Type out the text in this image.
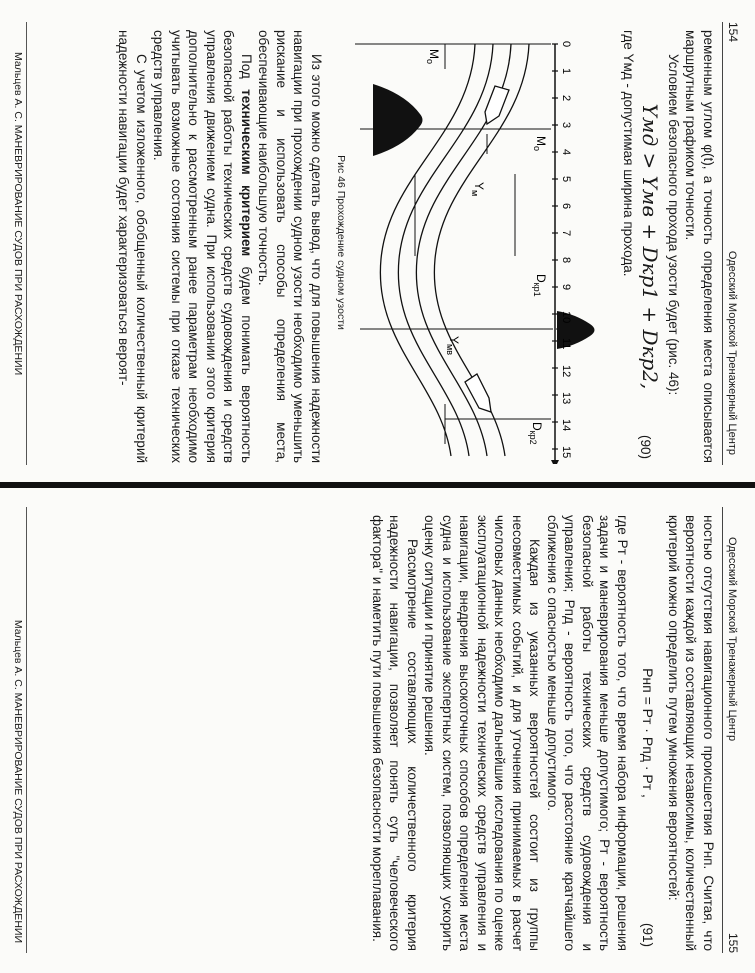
154
Одесский Морской Тренажерный Центр

ременным углом φ(t), а точность определения места описывается маршрутным графиком точности.

Условием безопасного прохода узости будет (рис. 46):

Yмд > Yмв + Dкр1 + Dкр2,
(90)

где Yмд - допустимая ширина прохода.

0
1
2
3
4
5
6
7
8
9
10
11
12
13
14
15
$M_о$
$M_о$
$Y_м$
$Y_{мв}$
$D_{кр1}$
$D_{кр2}$
Рис 46 Прохождение судном узости

Из этого можно сделать вывод, что для повышения надежности навигации при прохождении судном узости необходимо уменьшить рискание и использовать способы определения места, обеспечивающие наибольшую точность.

Под техническим критерием будем понимать вероятность безопасной работы технических средств судовождения и средств управления движением судна. При использовании этого критерия дополнительно к рассмотренным ранее параметрам необходимо учитывать возможные состояния системы при отказе технических средств управления.

С учетом изложенного, обобщенный количественный критерий надежности навигации будет характеризоваться вероят-

Мальцев А. С. МАНЕВРИРОВАНИЕ СУДОВ ПРИ РАСХОЖДЕНИИ
Одесский Морской Тренажерный Центр
155

ностью отсутствия навигационного происшествия Pнп. Считая, что вероятности каждой из составляющих независимы, количественный критерий можно определить путем умножения вероятностей:

Pнп = Pт · Pпд · Pт ,
(91)

где Pт - вероятность того, что время набора информации, решения задачи и маневрирования меньше допустимого; Pт - вероятность безопасной работы технических средств судовождения и управления; Pпд - вероятность того, что расстояние кратчайшего сближения с опасностью меньше допустимого.

Каждая из указанных вероятностей состоит из группы несовместимых событий, и для уточнения принимаемых в расчет числовых данных необходимо дальнейшие исследования по оценке эксплуатационной надежности технических средств управления и навигации, внедрения высокоточных способов определения места судна и использование экспертных систем, позволяющих ускорить оценку ситуации и принятие решения.

Рассмотрение составляющих количественного критерия надежности навигации, позволяет понять суть "человеческого фактора" и наметить пути повышения безопасности мореплавания.

Мальцев А. С. МАНЕВРИРОВАНИЕ СУДОВ ПРИ РАСХОЖДЕНИИ
